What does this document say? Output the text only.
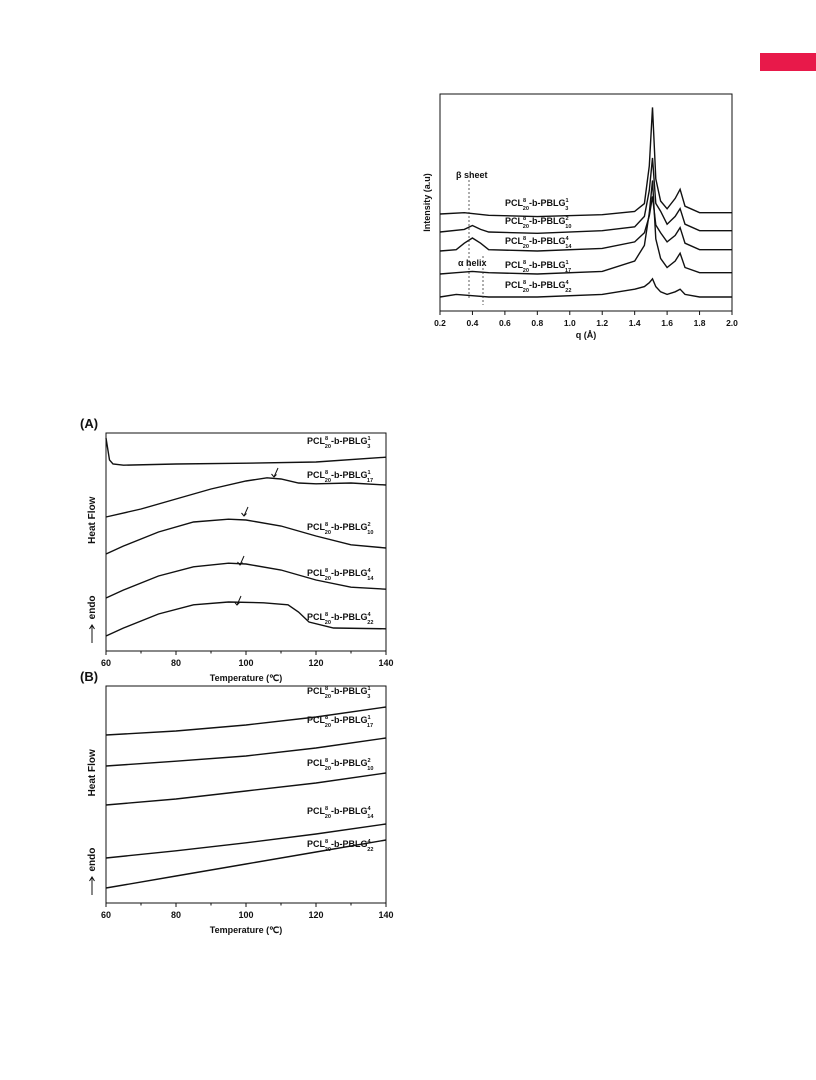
0.2 0.4 0.6 0.8 1.0 1.2 1.4 1.6 1.8 2.0
q (Å)
Intensity (a.u)	PCL$^8$ 20-b-PBLG$^1$ 3
PCL$^8$ 20-b-PBLG$^2$ 10
PCL$^8$ 20-b-PBLG$^4$ 14
PCL$^8$ 20-b-PBLG$^1$ 17
PCL$^8$ 20-b-PBLG$^4$ 22
β sheet
α helix
60	80	100	120	140
Temperature (℃)
Heat Flow
endo
(A)
PCL$^8$ 20-b-PBLG$^1$ 3
PCL$^8$ 20-b-PBLG$^1$ 17
PCL$^8$ 20-b-PBLG$^2$ 10
PCL$^8$ 20-b-PBLG$^4$ 14
PCL$^8$ 20-b-PBLG$^4$ 22
60	80	100	120	140
Temperature (℃)
Heat Flow
endo
(B)
PCL$^8$ 20-b-PBLG$^1$ 3
PCL$^8$ 20-b-PBLG$^1$ 17
PCL$^8$ 20-b-PBLG$^2$ 10
PCL$^8$ 20-b-PBLG$^4$ 14
PCL$^8$ 20-b-PBLG$^4$ 22
